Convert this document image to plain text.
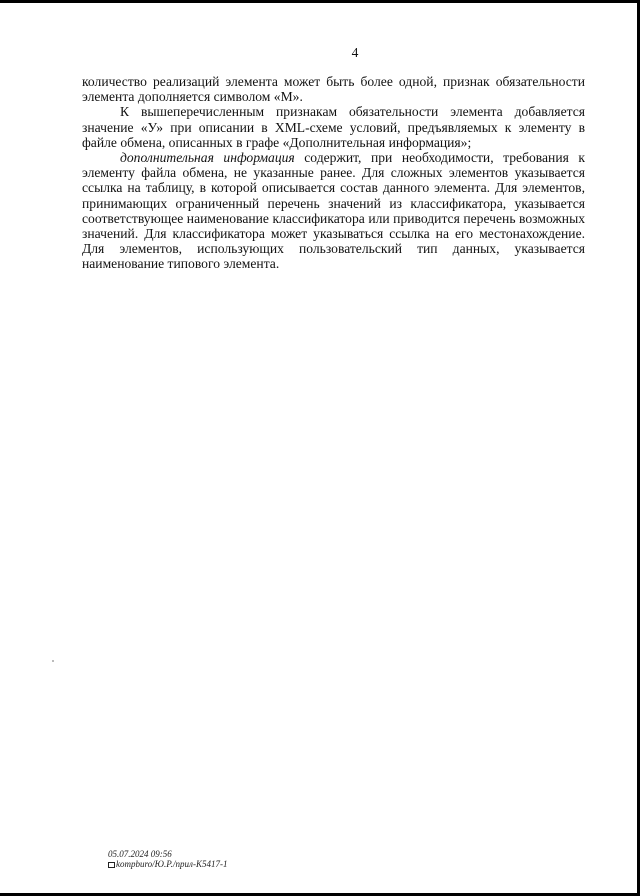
4

количество реализаций элемента может быть более одной, признак обязательности элемента дополняется символом «М».

К вышеперечисленным признакам обязательности элемента добавляется значение «У» при описании в XML-схеме условий, предъявляемых к элементу в файле обмена, описанных в графе «Дополнительная информация»;

дополнительная информация содержит, при необходимости, требования к элементу файла обмена, не указанные ранее. Для сложных элементов указывается ссылка на таблицу, в которой описывается состав данного элемента. Для элементов, принимающих ограниченный перечень значений из классификатора, указывается соответствующее наименование классификатора или приводится перечень возможных значений. Для классификатора может указываться ссылка на его местонахождение. Для элементов, использующих пользовательский тип данных, указывается наименование типового элемента.

05.07.2024 09:56
kompburo/Ю.Р./прил-К5417-1
